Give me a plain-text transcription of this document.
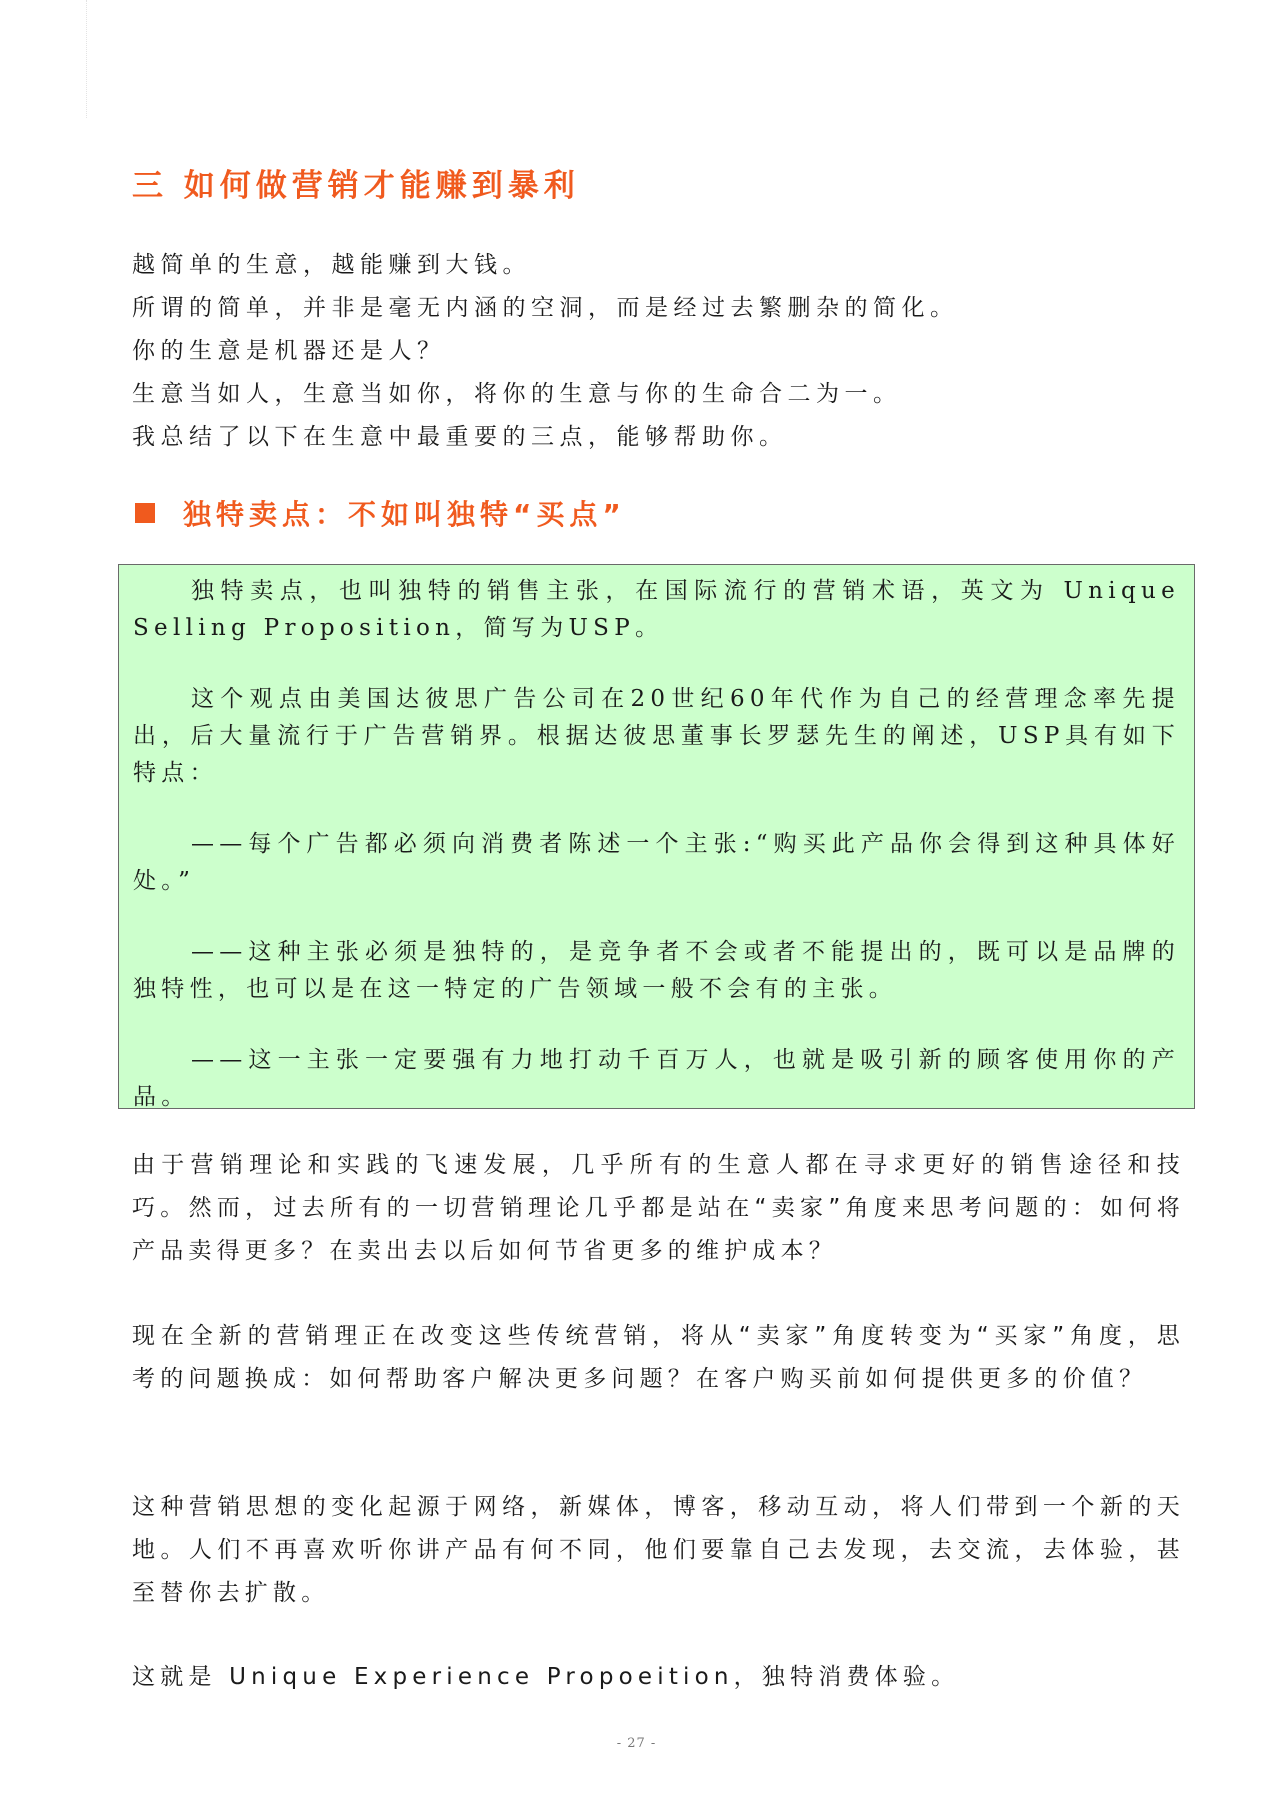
三 如何做营销才能赚到暴利
越简单的生意，越能赚到大钱。
所谓的简单，并非是毫无内涵的空洞，而是经过去繁删杂的简化。
你的生意是机器还是人？
生意当如人，生意当如你，将你的生意与你的生命合二为一。
我总结了以下在生意中最重要的三点，能够帮助你。
独特卖点：不如叫独特“买点”

独特卖点，也叫独特的销售主张，在国际流行的营销术语，英文为 Unique Selling Proposition，简写为USP。

这个观点由美国达彼思广告公司在20世纪60年代作为自己的经营理念率先提出，后大量流行于广告营销界。根据达彼思董事长罗瑟先生的阐述，USP具有如下特点：

——每个广告都必须向消费者陈述一个主张:“购买此产品你会得到这种具体好处。”

——这种主张必须是独特的，是竞争者不会或者不能提出的，既可以是品牌的独特性，也可以是在这一特定的广告领域一般不会有的主张。

——这一主张一定要强有力地打动千百万人，也就是吸引新的顾客使用你的产品。

由于营销理论和实践的飞速发展，几乎所有的生意人都在寻求更好的销售途径和技巧。然而，过去所有的一切营销理论几乎都是站在“卖家”角度来思考问题的：如何将产品卖得更多？在卖出去以后如何节省更多的维护成本？

现在全新的营销理正在改变这些传统营销，将从“卖家”角度转变为“买家”角度，思考的问题换成：如何帮助客户解决更多问题？在客户购买前如何提供更多的价值？

这种营销思想的变化起源于网络，新媒体，博客，移动互动，将人们带到一个新的天地。人们不再喜欢听你讲产品有何不同，他们要靠自己去发现，去交流，去体验，甚至替你去扩散。

这就是 Unique Experience Propoeition，独特消费体验。

- 27 -
